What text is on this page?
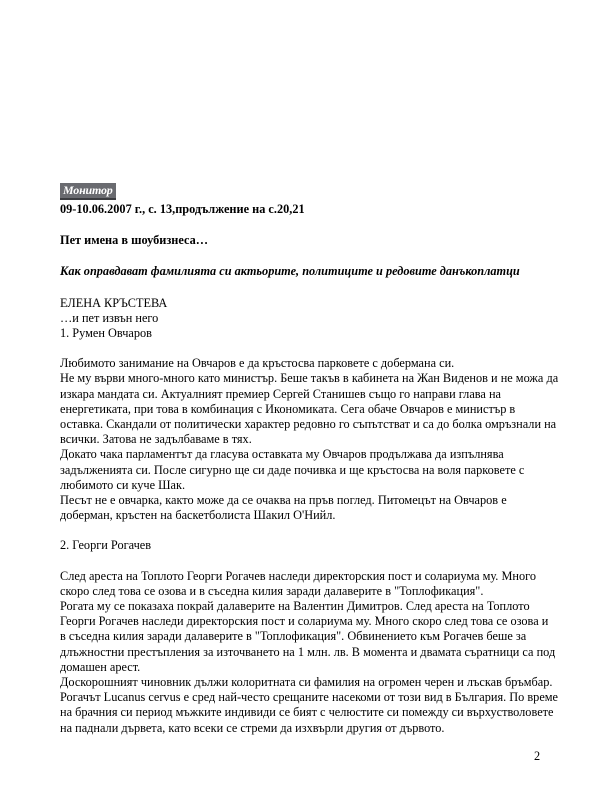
Монитор
09-10.06.2007 г., с. 13,продължение на с.20,21
Пет имена в шоубизнеса…
Как оправдават фамилията си актьорите, политиците и редовите данъкоплатци
ЕЛЕНА КРЪСТЕВА
…и пет извън него
1. Румен Овчаров
Любимото занимание на Овчаров е да кръстосва парковете с добермана си.
Не му върви много-много като министър. Беше такъв в кабинета на Жан Виденов и не можа да
изкара мандата си. Актуалният премиер Сергей Станишев също го направи глава на
енергетиката, при това в комбинация с Икономиката. Сега обаче Овчаров е министър в
оставка. Скандали от политически характер редовно го съпътстват и са до болка омръзнали на
всички. Затова не задълбаваме в тях.
Докато чака парламентът да гласува оставката му Овчаров продължава да изпълнява
задълженията си. После сигурно ще си даде почивка и ще кръстосва на воля парковете с
любимото си куче Шак.
Песът не е овчарка, както може да се очаква на пръв поглед. Питомецът на Овчаров е
доберман, кръстен на баскетболиста Шакил О'Нийл.
2. Георги Рогачев
След ареста на Топлото Георги Рогачев наследи директорския пост и солариума му. Много
скоро след това се озова и в съседна килия заради далаверите в "Топлофикация".
Рогата му се показаха покрай далаверите на Валентин Димитров. След ареста на Топлото
Георги Рогачев наследи директорския пост и солариума му. Много скоро след това се озова и
в съседна килия заради далаверите в "Топлофикация". Обвинението към Рогачев беше за
длъжностни престъпления за източването на 1 млн. лв. В момента и двамата съратници са под
домашен арест.
Доскорошният чиновник дължи колоритната си фамилия на огромен черен и лъскав бръмбар.
Рогачът Lucanus cervus е сред най-често срещаните насекоми от този вид в България. По време
на брачния си период мъжките индивиди се бият с челюстите си помежду си върхустволовете
на паднали дървета, като всеки се стреми да изхвърли другия от дървото.
2
